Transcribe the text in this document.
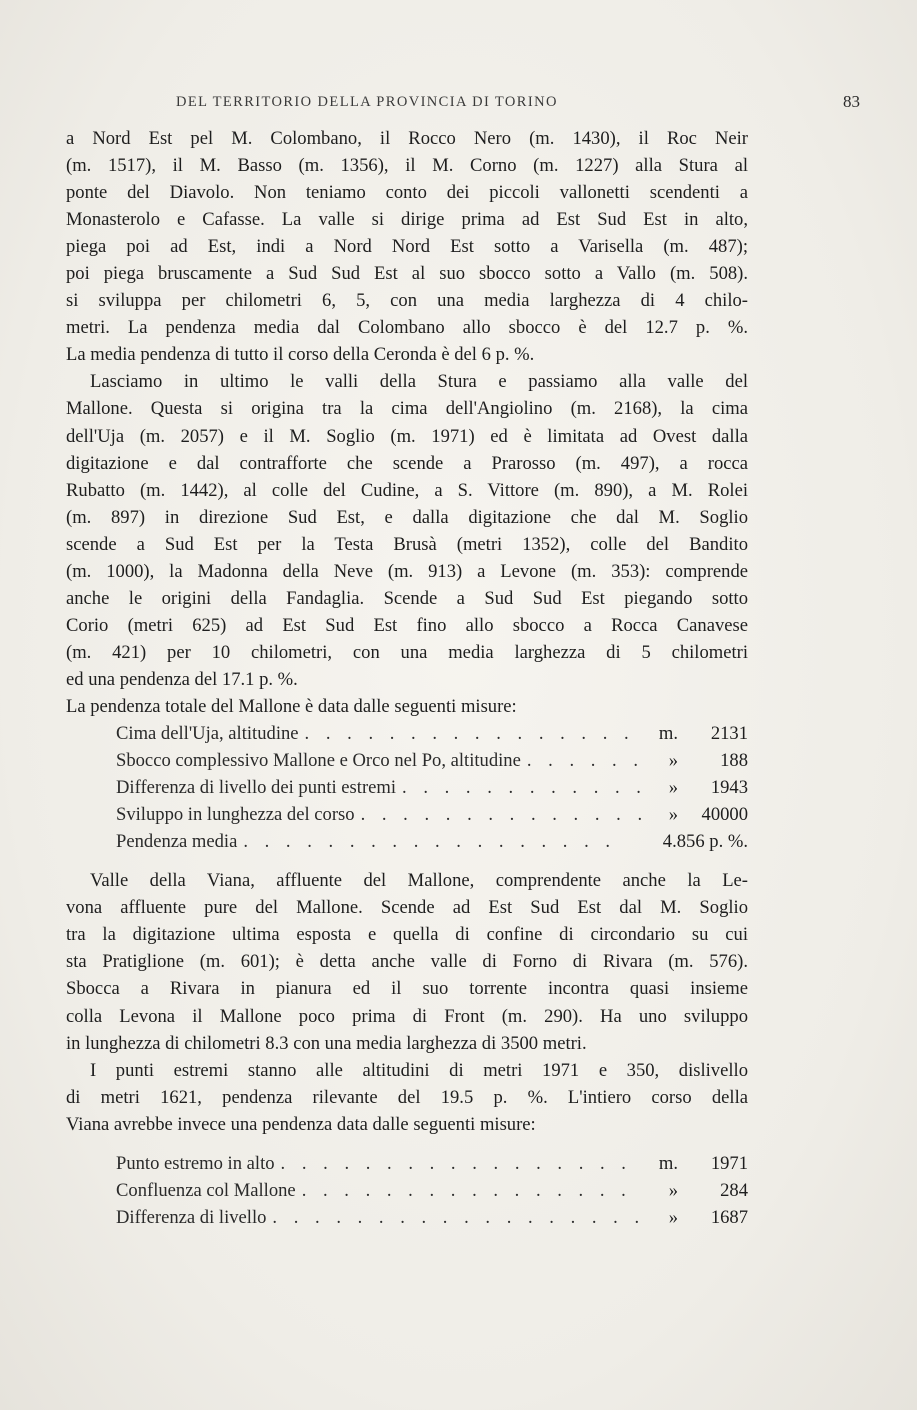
DEL TERRITORIO DELLA PROVINCIA DI TORINO	83
a Nord Est pel M. Colombano, il Rocco Nero (m. 1430), il Roc Neir
(m. 1517), il M. Basso (m. 1356), il M. Corno (m. 1227) alla Stura al
ponte del Diavolo. Non teniamo conto dei piccoli vallonetti scendenti a
Monasterolo e Cafasse. La valle si dirige prima ad Est Sud Est in alto,
piega poi ad Est, indi a Nord Nord Est sotto a Varisella (m. 487);
poi piega bruscamente a Sud Sud Est al suo sbocco sotto a Vallo (m. 508).
si sviluppa per chilometri 6, 5, con una media larghezza di 4 chilo-
metri. La pendenza media dal Colombano allo sbocco è del 12.7 p. %.
La media pendenza di tutto il corso della Ceronda è del 6 p. %.
Lasciamo in ultimo le valli della Stura e passiamo alla valle del
Mallone. Questa si origina tra la cima dell'Angiolino (m. 2168), la cima
dell'Uja (m. 2057) e il M. Soglio (m. 1971) ed è limitata ad Ovest dalla
digitazione e dal contrafforte che scende a Prarosso (m. 497), a rocca
Rubatto (m. 1442), al colle del Cudine, a S. Vittore (m. 890), a M. Rolei
(m. 897) in direzione Sud Est, e dalla digitazione che dal M. Soglio
scende a Sud Est per la Testa Brusà (metri 1352), colle del Bandito
(m. 1000), la Madonna della Neve (m. 913) a Levone (m. 353): comprende
anche le origini della Fandaglia. Scende a Sud Sud Est piegando sotto
Corio (metri 625) ad Est Sud Est fino allo sbocco a Rocca Canavese
(m. 421) per 10 chilometri, con una media larghezza di 5 chilometri
ed una pendenza del 17.1 p. %.
La pendenza totale del Mallone è data dalle seguenti misure:
Cima dell'Uja, altitudine . . .	m.	2131
Sbocco complessivo Mallone e Orco nel Po, altitudine . . .	»	188
Differenza di livello dei punti estremi . . .	»	1943
Sviluppo in lunghezza del corso . . .	»	40000
Pendenza media . . .	4.856 p. %.
Valle della Viana, affluente del Mallone, comprendente anche la Le-
vona affluente pure del Mallone. Scende ad Est Sud Est dal M. Soglio
tra la digitazione ultima esposta e quella di confine di circondario su cui
sta Pratiglione (m. 601); è detta anche valle di Forno di Rivara (m. 576).
Sbocca a Rivara in pianura ed il suo torrente incontra quasi insieme
colla Levona il Mallone poco prima di Front (m. 290). Ha uno sviluppo
in lunghezza di chilometri 8.3 con una media larghezza di 3500 metri.
I punti estremi stanno alle altitudini di metri 1971 e 350, dislivello
di metri 1621, pendenza rilevante del 19.5 p. %. L'intiero corso della
Viana avrebbe invece una pendenza data dalle seguenti misure:
Punto estremo in alto . . .	m.	1971
Confluenza col Mallone . . .	»	284
Differenza di livello . . .	»	1687
